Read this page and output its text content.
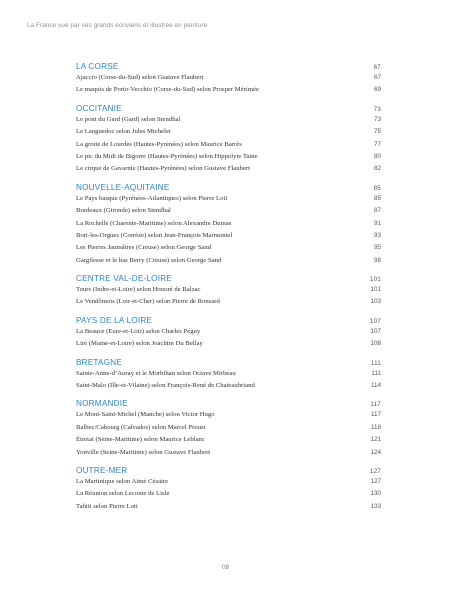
La France vue par ses grands écrivains et illustrée en peinture
LA CORSE	67
Ajaccio (Corse-du-Sud) selon Gustave Flaubert	67
Le maquis de Porto-Vecchio (Corse-du-Sud) selon Prosper Mérimée	69
OCCITANIE	73
Le pont du Gard (Gard) selon Stendhal	73
Le Languedoc selon Jules Michelet	75
La grotte de Lourdes (Hautes-Pyrénées) selon Maurice Barrès	77
Le pic du Midi de Bigorre (Hautes-Pyrénées) selon Hippolyte Taine	80
Le cirque de Gavarnie (Hautes-Pyrénées) selon Gustave Flaubert	82
NOUVELLE-AQUITAINE	85
Le Pays basque (Pyrénées-Atlantiques) selon Pierre Loti	85
Bordeaux (Gironde) selon Stendhal	87
La Rochelle (Charente-Maritime) selon Alexandre Dumas	91
Bort-les-Orgues (Corrèze) selon Jean-François Marmontel	93
Les Pierres Jaumâtres (Creuse) selon George Sand	95
Gargilesse et le bas Berry (Creuse) selon George Sand	98
CENTRE VAL-DE-LOIRE	101
Tours (Indre-et-Loire) selon Honoré de Balzac	101
Le Vendômois (Loir-et-Cher) selon Pierre de Ronsard	103
PAYS DE LA LOIRE	107
La Beauce (Eure-et-Loir) selon Charles Péguy	107
Liré (Maine-et-Loire) selon Joachim Du Bellay	108
BRETAGNE	111
Sainte-Anne-d’Auray et le Morbihan selon Octave Mirbeau	111
Saint-Malo (Ille-et-Vilaine) selon François-René de Chateaubriand	114
NORMANDIE	117
Le Mont-Saint-Michel (Manche) selon Victor Hugo	117
Balbec/Cabourg (Calvados) selon Marcel Proust	118
Étretat (Seine-Maritime) selon Maurice Leblanc	121
Yonville (Seine-Maritime) selon Gustave Flaubert	124
OUTRE-MER	127
La Martinique selon Aimé Césaire	127
La Réunion selon Leconte de Lisle	130
Tahiti selon Pierre Loti	133
08
